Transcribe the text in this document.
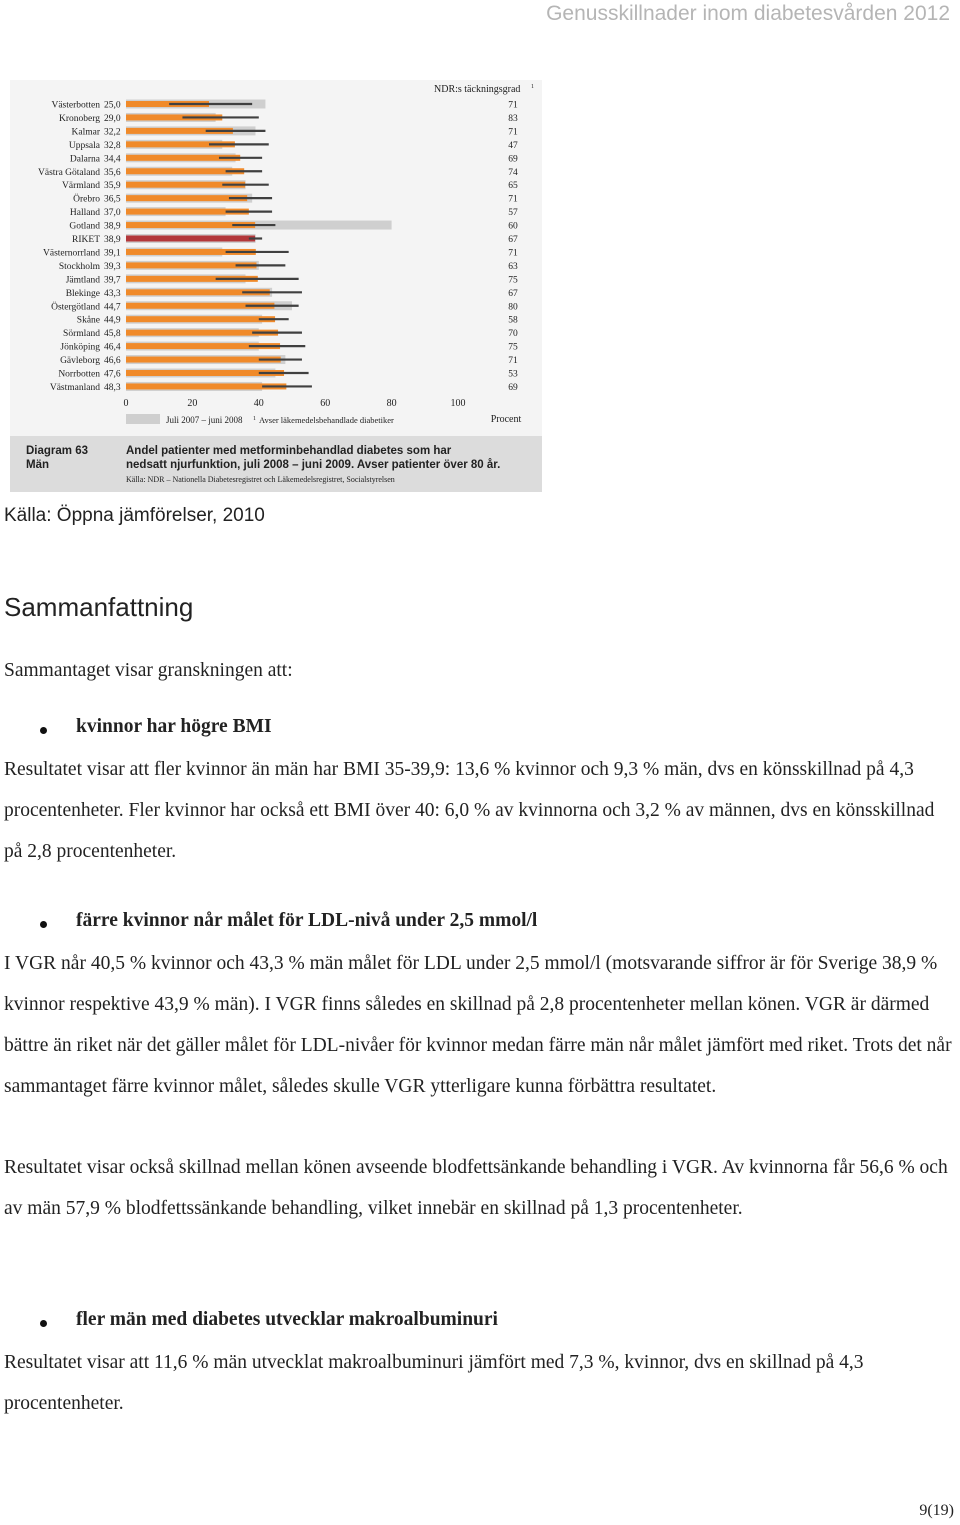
Genusskillnader inom diabetesvården 2012
Västerbotten 25,0	71
Kronoberg 29,0	83
Kalmar 32,2	71
Uppsala 32,8	47
Dalarna 34,4	69
Västra Götaland 35,6	74
Värmland 35,9	65
Örebro 36,5	71
Halland 37,0	57
Gotland 38,9	60
RIKET 38,9	67
Västernorrland 39,1	71
Stockholm 39,3	63
Jämtland 39,7	75
Blekinge 43,3	67
Östergötland 44,7	80
Skåne 44,9	58
Sörmland 45,8	70
Jönköping 46,4	75
Gävleborg 46,6	71
Norrbotten 47,6	53
Västmanland 48,3	69
NDR:s täckningsgrad 1
0	20	40	60	80	100
Procent
Juli 2007 – juni 2008 1 Avser läkemedelsbehandlade diabetiker
Diagram 63
Män
Andel patienter med metforminbehandlad diabetes som har
nedsatt njurfunktion, juli 2008 – juni 2009. Avser patienter över 80 år.
Källa: NDR – Nationella Diabetesregistret och Läkemedelsregistret, Socialstyrelsen
Källa: Öppna jämförelser, 2010
Sammanfattning

Sammantaget visar granskningen att:

kvinnor har högre BMI

Resultatet visar att fler kvinnor än män har BMI 35-39,9: 13,6 % kvinnor och 9,3 % män, dvs en könsskillnad på 4,3 procentenheter. Fler kvinnor har också ett BMI över 40: 6,0 % av kvinnorna och 3,2 % av männen, dvs en könsskillnad på 2,8 procentenheter.

färre kvinnor når målet för LDL-nivå under 2,5 mmol/l

I VGR når 40,5 % kvinnor och 43,3 % män målet för LDL under 2,5 mmol/l (motsvarande siffror är för Sverige 38,9 % kvinnor respektive 43,9 % män). I VGR finns således en skillnad på 2,8 procentenheter mellan könen. VGR är därmed bättre än riket när det gäller målet för LDL-nivåer för kvinnor medan färre män når målet jämfört med riket. Trots det når sammantaget färre kvinnor målet, således skulle VGR ytterligare kunna förbättra resultatet.

Resultatet visar också skillnad mellan könen avseende blodfettsänkande behandling i VGR. Av kvinnorna får 56,6 % och av män 57,9 % blodfettssänkande behandling, vilket innebär en skillnad på 1,3 procentenheter.

fler män med diabetes utvecklar makroalbuminuri

Resultatet visar att 11,6 % män utvecklat makroalbuminuri jämfört med 7,3 %, kvinnor, dvs en skillnad på 4,3 procentenheter.

9(19)
